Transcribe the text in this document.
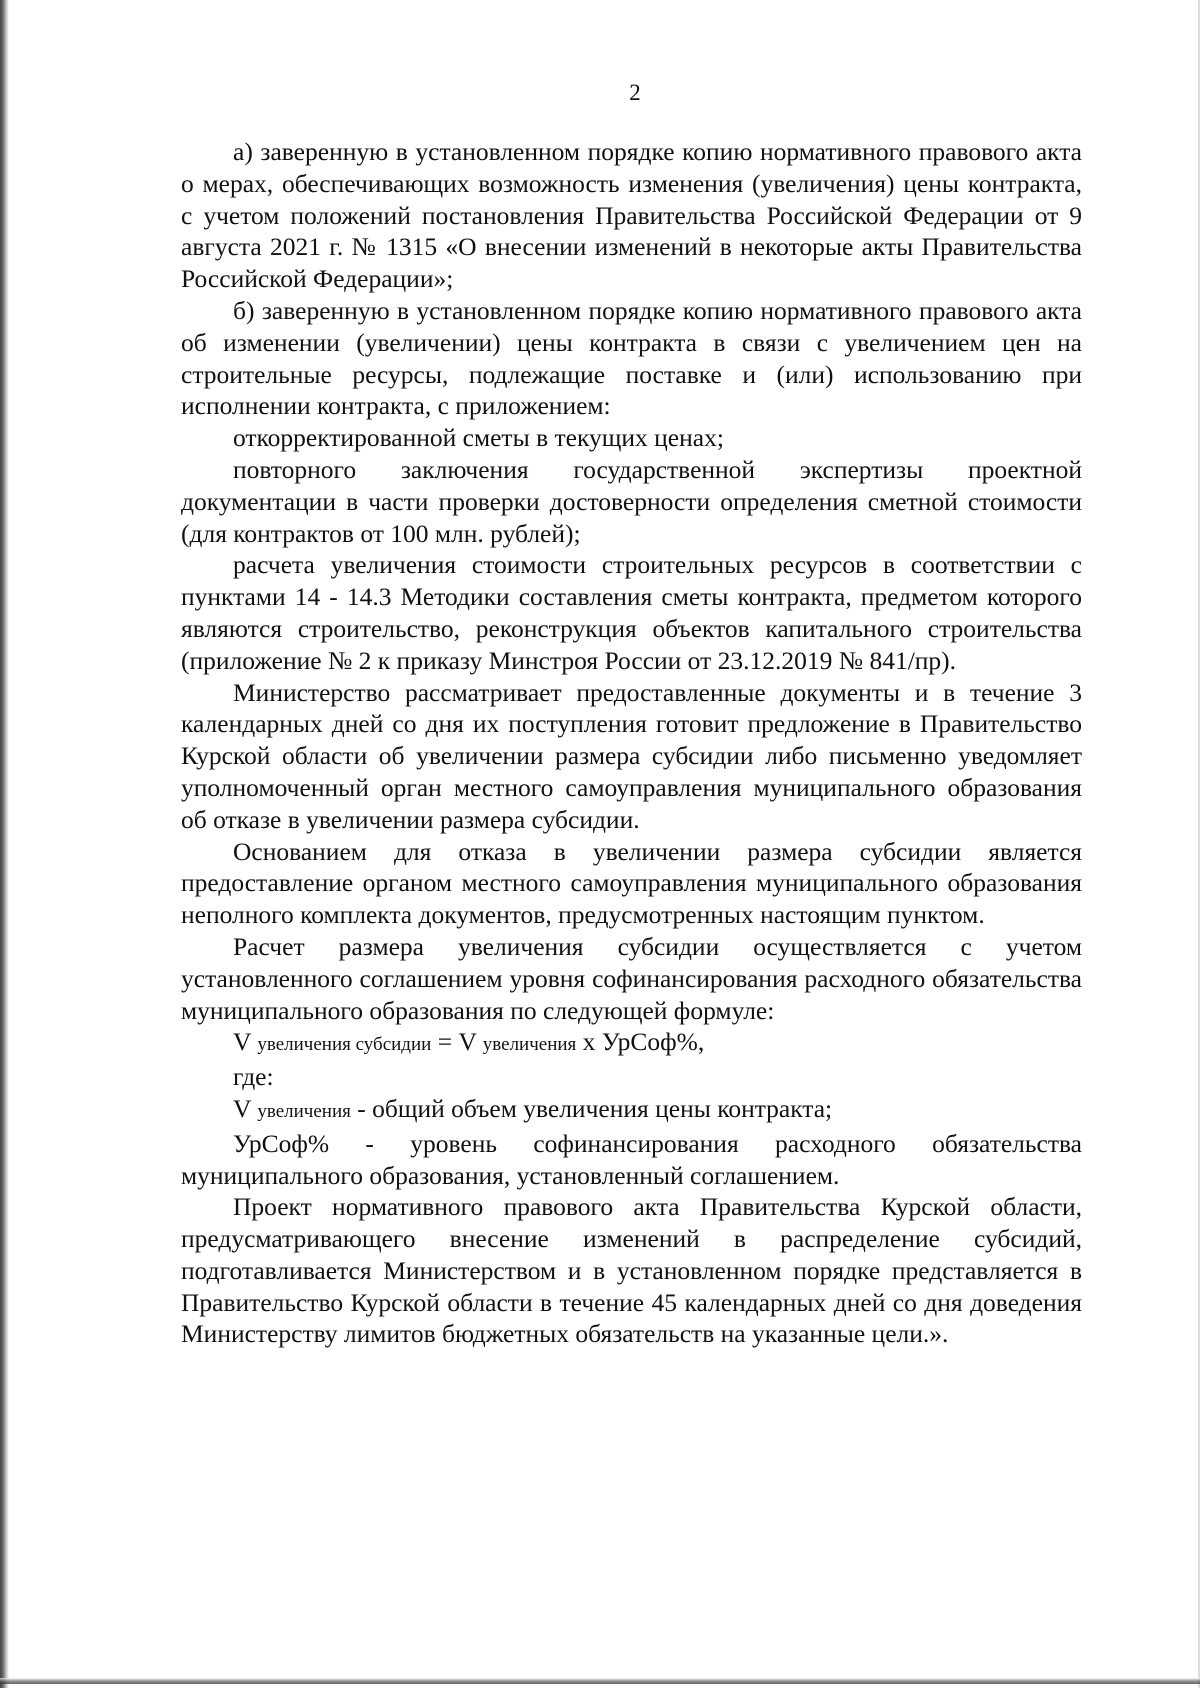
2

а) заверенную в установленном порядке копию нормативного правового акта о мерах, обеспечивающих возможность изменения (увеличения) цены контракта, с учетом положений постановления Правительства Российской Федерации от 9 августа 2021 г. № 1315 «О внесении изменений в некоторые акты Правительства Российской Федерации»;

б) заверенную в установленном порядке копию нормативного правового акта об изменении (увеличении) цены контракта в связи с увеличением цен на строительные ресурсы, подлежащие поставке и (или) использованию при исполнении контракта, с приложением:

откорректированной сметы в текущих ценах;

повторного заключения государственной экспертизы проектной документации в части проверки достоверности определения сметной стоимости (для контрактов от 100 млн. рублей);

расчета увеличения стоимости строительных ресурсов в соответствии с пунктами 14 - 14.3 Методики составления сметы контракта, предметом которого являются строительство, реконструкция объектов капитального строительства (приложение № 2 к приказу Минстроя России от 23.12.2019 № 841/пр).

Министерство рассматривает предоставленные документы и в течение 3 календарных дней со дня их поступления готовит предложение в Правительство Курской области об увеличении размера субсидии либо письменно уведомляет уполномоченный орган местного самоуправления муниципального образования об отказе в увеличении размера субсидии.

Основанием для отказа в увеличении размера субсидии является предоставление органом местного самоуправления муниципального образования неполного комплекта документов, предусмотренных настоящим пунктом.

Расчет размера увеличения субсидии осуществляется с учетом установленного соглашением уровня софинансирования расходного обязательства муниципального образования по следующей формуле:

V увеличения субсидии = V увеличения х УрСоф%,

где:

V увеличения - общий объем увеличения цены контракта;

УрСоф% - уровень софинансирования расходного обязательства муниципального образования, установленный соглашением.

Проект нормативного правового акта Правительства Курской области, предусматривающего внесение изменений в распределение субсидий, подготавливается Министерством и в установленном порядке представляется в Правительство Курской области в течение 45 календарных дней со дня доведения Министерству лимитов бюджетных обязательств на указанные цели.».
